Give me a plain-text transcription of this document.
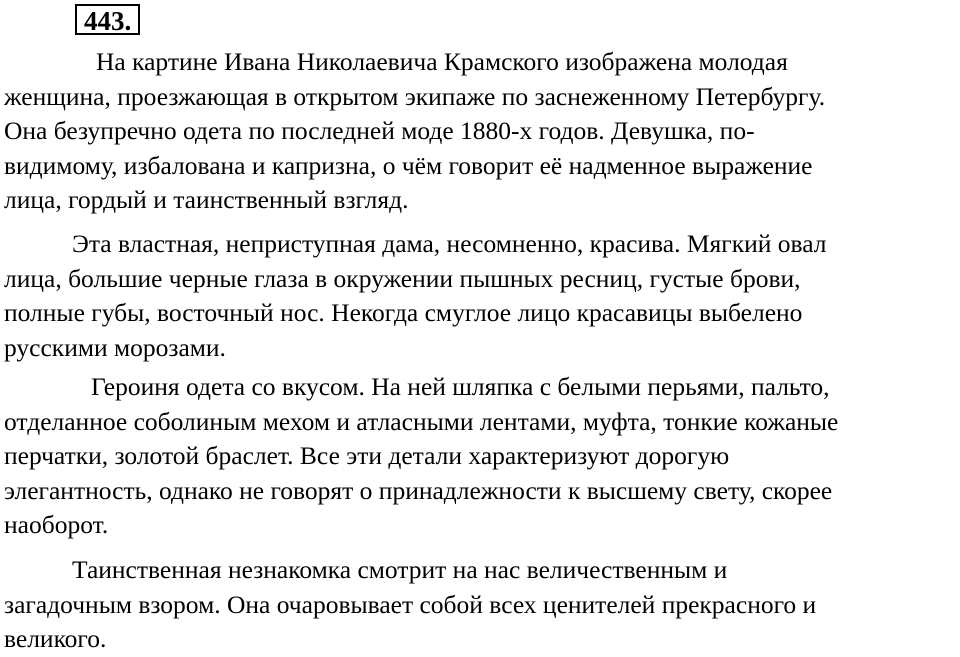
443.
На картине Ивана Николаевича Крамского изображена молодая
женщина, проезжающая в открытом экипаже по заснеженному Петербургу.
Она безупречно одета по последней моде 1880-х годов. Девушка, по-
видимому, избалована и капризна, о чём говорит её надменное выражение
лица, гордый и таинственный взгляд.
Эта властная, неприступная дама, несомненно, красива. Мягкий овал
лица, большие черные глаза в окружении пышных ресниц, густые брови,
полные губы, восточный нос. Некогда смуглое лицо красавицы выбелено
русскими морозами.
Героиня одета со вкусом. На ней шляпка с белыми перьями, пальто,
отделанное соболиным мехом и атласными лентами, муфта, тонкие кожаные
перчатки, золотой браслет. Все эти детали характеризуют дорогую
элегантность, однако не говорят о принадлежности к высшему свету, скорее
наоборот.
Таинственная незнакомка смотрит на нас величественным и
загадочным взором. Она очаровывает собой всех ценителей прекрасного и
великого.
